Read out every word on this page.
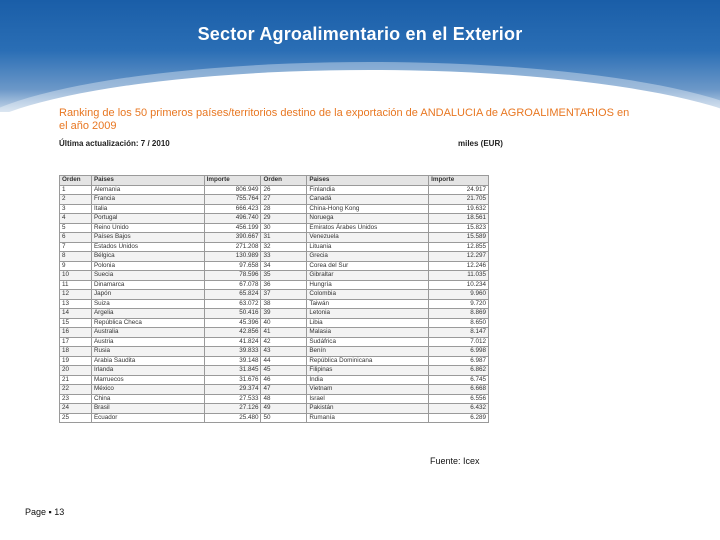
Sector Agroalimentario en el Exterior
Ranking de los 50 primeros países/territorios destino de la exportación de ANDALUCIA de AGROALIMENTARIOS en el año 2009
Última actualización: 7 / 2010	miles (EUR)
Orden	Paises	Importe	Orden	Paises	Importe
1	Alemania	806.949	26	Finlandia	24.917
2	Francia	755.764	27	Canadá	21.705
3	Italia	666.423	28	China-Hong Kong	19.632
4	Portugal	496.740	29	Noruega	18.561
5	Reino Unido	456.199	30	Emiratos Árabes Unidos	15.823
6	Países Bajos	390.667	31	Venezuela	15.589
7	Estados Unidos	271.208	32	Lituania	12.855
8	Bélgica	130.989	33	Grecia	12.297
9	Polonia	97.658	34	Corea del Sur	12.246
10	Suecia	78.596	35	Gibraltar	11.035
11	Dinamarca	67.078	36	Hungría	10.234
12	Japón	65.824	37	Colombia	9.960
13	Suiza	63.072	38	Taiwán	9.720
14	Argelia	50.416	39	Letonia	8.869
15	República Checa	45.396	40	Libia	8.650
16	Australia	42.856	41	Malasia	8.147
17	Austria	41.824	42	Sudáfrica	7.012
18	Rusia	39.833	43	Benín	6.998
19	Arabia Saudita	39.148	44	República Dominicana	6.987
20	Irlanda	31.845	45	Filipinas	6.862
21	Marruecos	31.676	46	India	6.745
22	México	29.374	47	Vietnam	6.668
23	China	27.533	48	Israel	6.556
24	Brasil	27.126	49	Pakistán	6.432
25	Ecuador	25.480	50	Rumanía	6.289
Fuente: Icex
Page ▪ 13
